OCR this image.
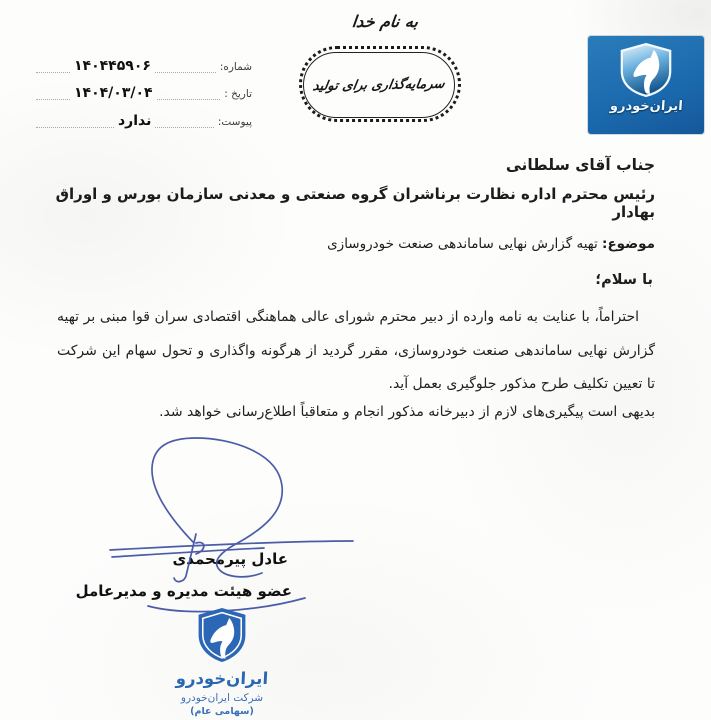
به نام خدا
سرمایه‌گذاری برای تولید
شماره:
۱۴۰۴۴۵۹۰۶
تاریخ :
۱۴۰۴/۰۳/۰۴
پیوست:
ندارد
ایران‌خودرو
جناب آقای سلطانی
رئیس محترم اداره نظارت برناشران گروه صنعتی و معدنی سازمان بورس و اوراق بهادار
موضوع: تهیه گزارش نهایی ساماندهی صنعت خودروسازی
با سلام؛
احتراماً، با عنایت به نامه وارده از دبیر محترم شورای عالی هماهنگی اقتصادی سران قوا مبنی بر تهیه گزارش نهایی ساماندهی صنعت خودروسازی، مقرر گردید از هرگونه واگذاری و تحول سهام این شرکت تا تعیین تکلیف طرح مذکور جلوگیری بعمل آید.
بدیهی است پیگیری‌های لازم از دبیرخانه مذکور انجام و متعاقباً اطلاع‌رسانی خواهد شد.
عادل پیرمحمدی
عضو هیئت مدیره و مدیرعامل
ایران‌خودرو
شرکت ایران‌خودرو
(سهامی عام)
